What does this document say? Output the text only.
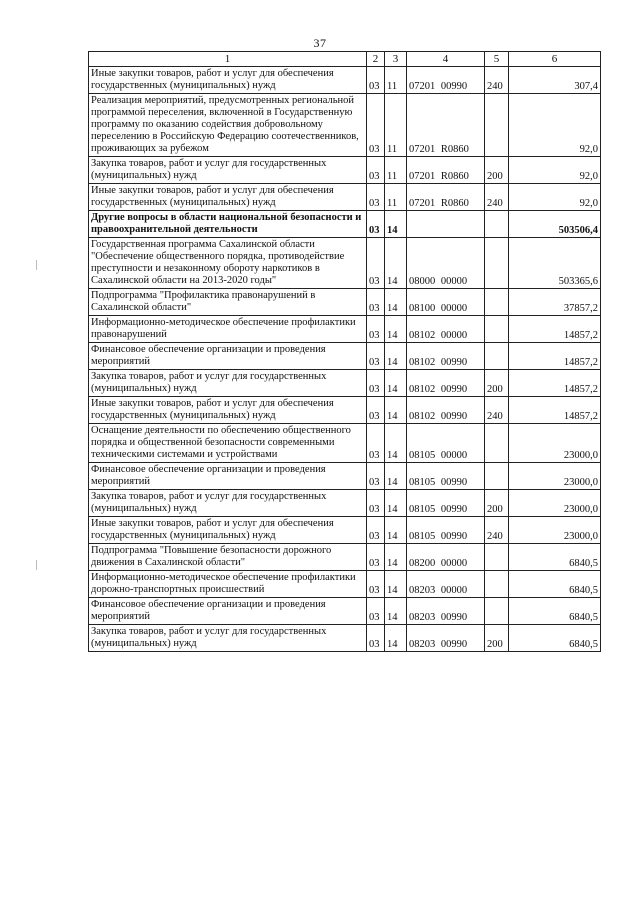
37
1	2	3	4	5	6
Иные закупки товаров, работ и услуг для обеспечения государственных (муниципальных) нужд	03	11	07201 00990	240	307,4
Реализация мероприятий, предусмотренных региональной программой переселения, включенной в Государственную программу по оказанию содействия добровольному переселению в Российскую Федерацию соотечественников, проживающих за рубежом	03	11	07201 R0860		92,0
Закупка товаров, работ и услуг для государственных (муниципальных) нужд	03	11	07201 R0860	200	92,0
Иные закупки товаров, работ и услуг для обеспечения государственных (муниципальных) нужд	03	11	07201 R0860	240	92,0
Другие вопросы в области национальной безопасности и правоохранительной деятельности	03	14			503506,4
Государственная программа Сахалинской области "Обеспечение общественного порядка, противодействие преступности и незаконному обороту наркотиков в Сахалинской области на 2013-2020 годы"	03	14	08000 00000		503365,6
Подпрограмма "Профилактика правонарушений в Сахалинской области"	03	14	08100 00000		37857,2
Информационно-методическое обеспечение профилактики правонарушений	03	14	08102 00000		14857,2
Финансовое обеспечение организации и проведения мероприятий	03	14	08102 00990		14857,2
Закупка товаров, работ и услуг для государственных (муниципальных) нужд	03	14	08102 00990	200	14857,2
Иные закупки товаров, работ и услуг для обеспечения государственных (муниципальных) нужд	03	14	08102 00990	240	14857,2
Оснащение деятельности по обеспечению общественного порядка и общественной безопасности современными техническими системами и устройствами	03	14	08105 00000		23000,0
Финансовое обеспечение организации и проведения мероприятий	03	14	08105 00990		23000,0
Закупка товаров, работ и услуг для государственных (муниципальных) нужд	03	14	08105 00990	200	23000,0
Иные закупки товаров, работ и услуг для обеспечения государственных (муниципальных) нужд	03	14	08105 00990	240	23000,0
Подпрограмма "Повышение безопасности дорожного движения в Сахалинской области"	03	14	08200 00000		6840,5
Информационно-методическое обеспечение профилактики дорожно-транспортных происшествий	03	14	08203 00000		6840,5
Финансовое обеспечение организации и проведения мероприятий	03	14	08203 00990		6840,5
Закупка товаров, работ и услуг для государственных (муниципальных) нужд	03	14	08203 00990	200	6840,5
